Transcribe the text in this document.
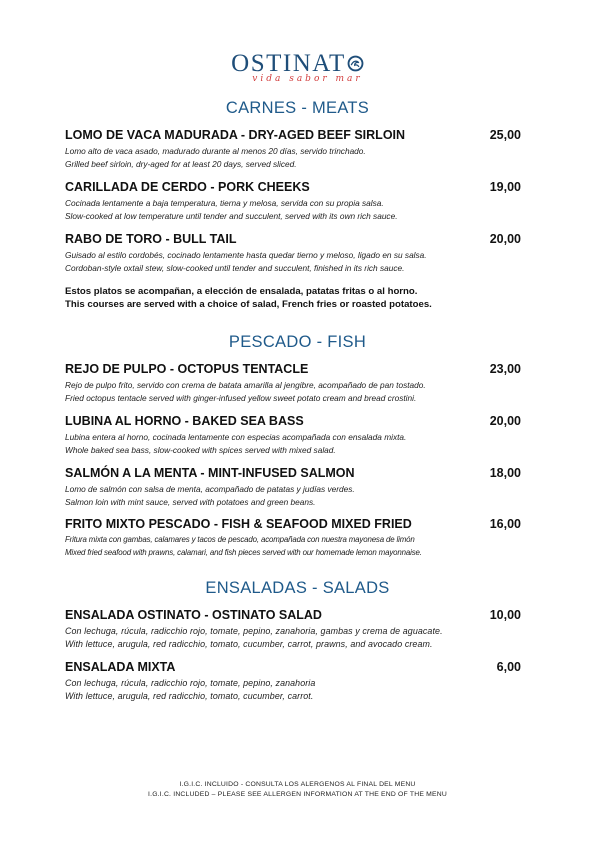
OSTINAT
vida sabor mar
CARNES - MEATS
LOMO DE VACA MADURADA - DRY-AGED BEEF SIRLOIN	25,00
Lomo alto de vaca asado, madurado durante al menos 20 días, servido trinchado.
Grilled beef sirloin, dry-aged for at least 20 days, served sliced.
CARILLADA DE CERDO - PORK CHEEKS	19,00
Cocinada lentamente a baja temperatura, tierna y melosa, servida con su propia salsa.
Slow-cooked at low temperature until tender and succulent, served with its own rich sauce.
RABO DE TORO - BULL TAIL	20,00
Guisado al estilo cordobés, cocinado lentamente hasta quedar tierno y meloso, ligado en su salsa.
Cordoban-style oxtail stew, slow-cooked until tender and succulent, finished in its rich sauce.
Estos platos se acompañan, a elección de ensalada, patatas fritas o al horno.
This courses are served with a choice of salad, French fries or roasted potatoes.
PESCADO - FISH
REJO DE PULPO - OCTOPUS TENTACLE	23,00
Rejo de pulpo frito, servido con crema de batata amarilla al jengibre, acompañado de pan tostado.
Fried octopus tentacle served with ginger-infused yellow sweet potato cream and bread crostini.
LUBINA AL HORNO - BAKED SEA BASS	20,00
Lubina entera al horno, cocinada lentamente con especias acompañada con ensalada mixta.
Whole baked sea bass, slow-cooked with spices served with mixed salad.
SALMÓN A LA MENTA - MINT-INFUSED SALMON	18,00
Lomo de salmón con salsa de menta, acompañado de patatas y judías verdes.
Salmon loin with mint sauce, served with potatoes and green beans.
FRITO MIXTO PESCADO - FISH & SEAFOOD MIXED FRIED	16,00
Fritura mixta con gambas, calamares y tacos de pescado, acompañada con nuestra mayonesa de limón
Mixed fried seafood with prawns, calamari, and fish pieces served with our homemade lemon mayonnaise.
ENSALADAS - SALADS
ENSALADA OSTINATO - OSTINATO SALAD	10,00
Con lechuga, rúcula, radicchio rojo, tomate, pepino, zanahoria, gambas y crema de aguacate.
With lettuce, arugula, red radicchio, tomato, cucumber, carrot, prawns, and avocado cream.
ENSALADA MIXTA	6,00
Con lechuga, rúcula, radicchio rojo, tomate, pepino, zanahoria
With lettuce, arugula, red radicchio, tomato, cucumber, carrot.
I.G.I.C. INCLUIDO - CONSULTA LOS ALERGENOS AL FINAL DEL MENU
I.G.I.C. INCLUDED – PLEASE SEE ALLERGEN INFORMATION AT THE END OF THE MENU
